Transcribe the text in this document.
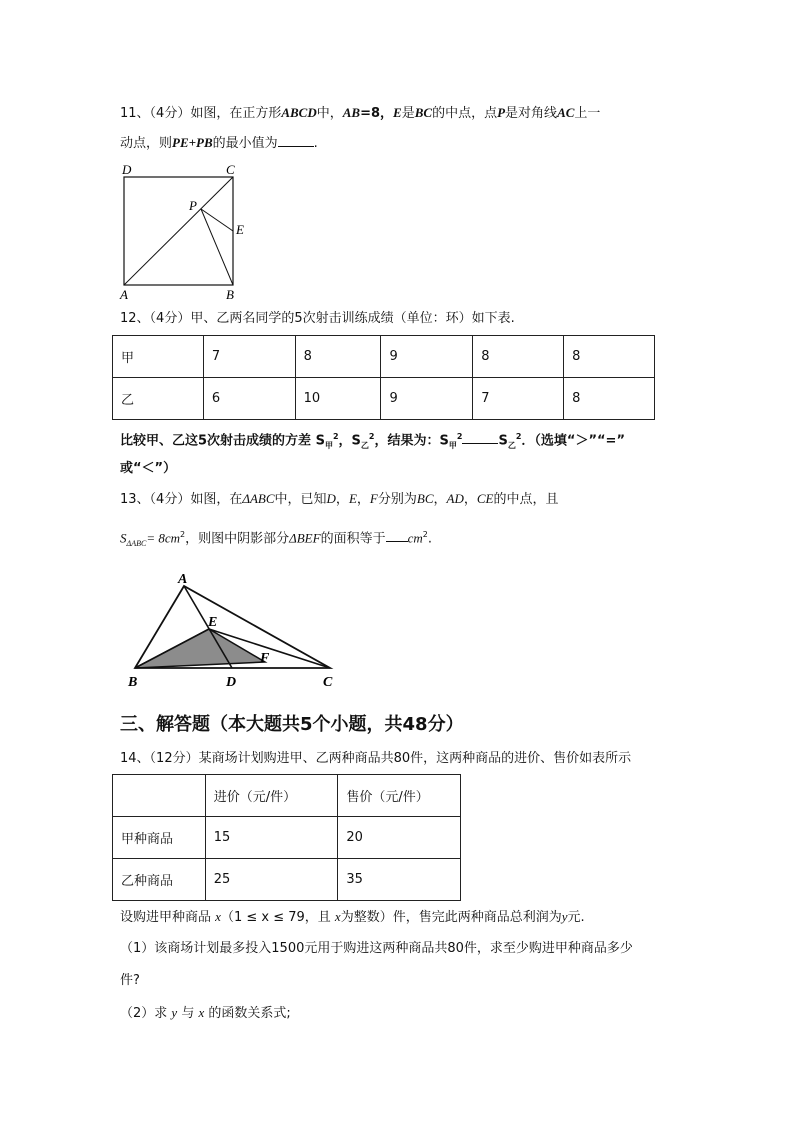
11、（4分）如图，在正方形ABCD中，AB=8，E是BC的中点，点P是对角线AC上一
动点，则PE+PB的最小值为	.
D	C
P
E
A	B
12、（4分）甲、乙两名同学的5次射击训练成绩（单位：环）如下表.
甲	7	8	9	8	8
乙	6	10	9	7	8
比较甲、乙这5次射击成绩的方差 $S_甲^2$，$S_乙^2$，结果为：$S_甲^2$	$S_乙^2$．（选填“＞”“=”
或“＜”）
13、（4分）如图，在ΔABC中，已知D，E，F分别为BC，AD，CE的中点，且
$S_{\Delta ABC}= 8cm^2$，则图中阴影部分ΔBEF的面积等于 $cm^2$.
A
E
F
B	D	C
三、解答题（本大题共5个小题，共48分）
14、（12分）某商场计划购进甲、乙两种商品共80件，这两种商品的进价、售价如表所示
	进价（元/件）	售价（元/件）
甲种商品	15	20
乙种商品	25	35
设购进甲种商品 x（1 ≤ x ≤ 79，且 x为整数）件，售完此两种商品总利润为y元.
（1）该商场计划最多投入1500元用于购进这两种商品共80件，求至少购进甲种商品多少
件?
（2）求 y 与 x 的函数关系式;
